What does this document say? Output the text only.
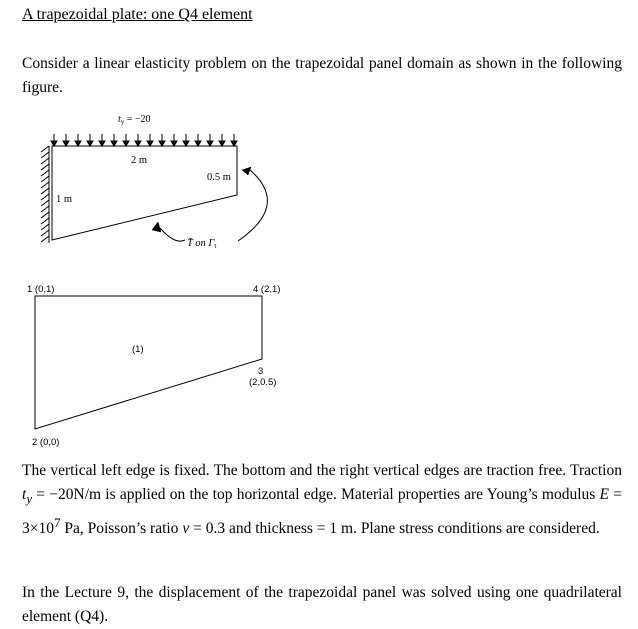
A trapezoidal plate: one Q4 element
Consider a linear elasticity problem on the trapezoidal panel domain as shown in the following figure.
$t_y = -20$
2 m
0.5 m
1 m
T̄ on Γt
1 (0,1)	4 (2,1)
3
(2,0.5)
2 (0,0)
(1)
The vertical left edge is fixed. The bottom and the right vertical edges are traction free. Traction $t_y = -20N/m$ is applied on the top horizontal edge. Material properties are Young’s modulus $E = 3\times 10^7$ Pa, Poisson’s ratio ν = 0.3 and thickness = 1 m. Plane stress conditions are considered.
In the Lecture 9, the displacement of the trapezoidal panel was solved using one quadrilateral element (Q4).
